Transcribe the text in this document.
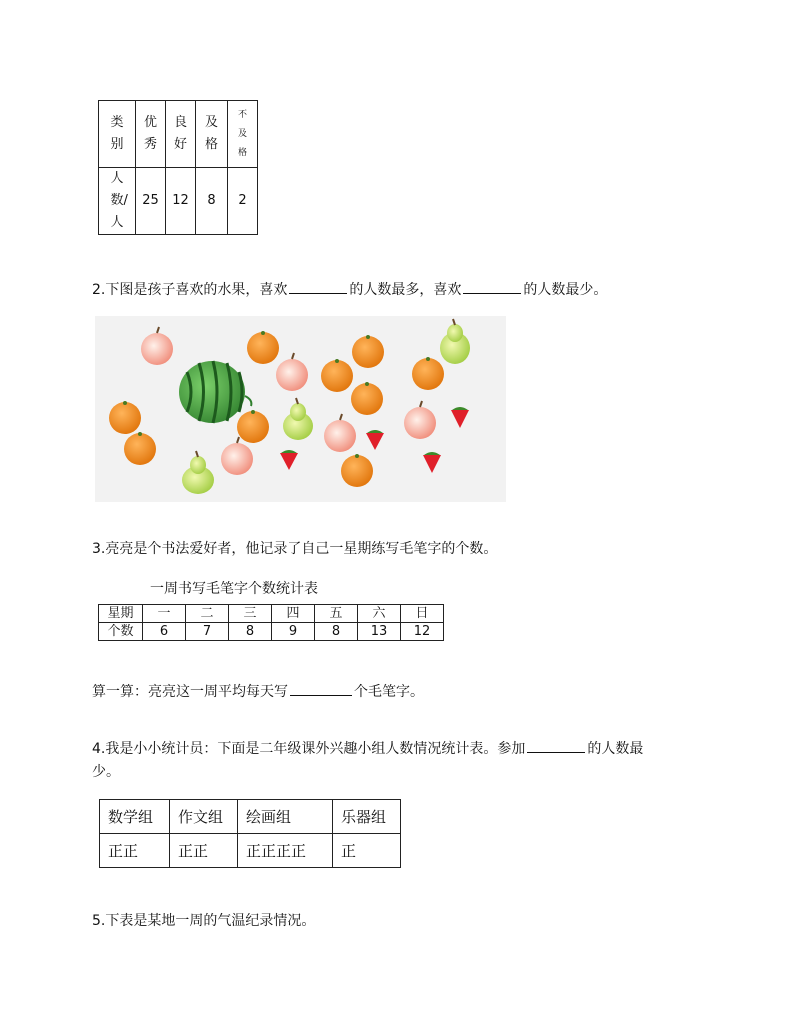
类别	优秀	良好	及格	不及格
人数/人	25	12	8	2
2.下图是孩子喜欢的水果，喜欢	的人数最多，喜欢	的人数最少。
3.亮亮是个书法爱好者，他记录了自己一星期练写毛笔字的个数。
一周书写毛笔字个数统计表
星期	一	二	三	四	五	六	日
个数	6	7	8	9	8	13	12
算一算：亮亮这一周平均每天写	个毛笔字。
4.我是小小统计员：下面是二年级课外兴趣小组人数情况统计表。参加	的人数最
少。
数学组	作文组	绘画组	乐器组
正正	正正	正正正正	正
5.下表是某地一周的气温纪录情况。
